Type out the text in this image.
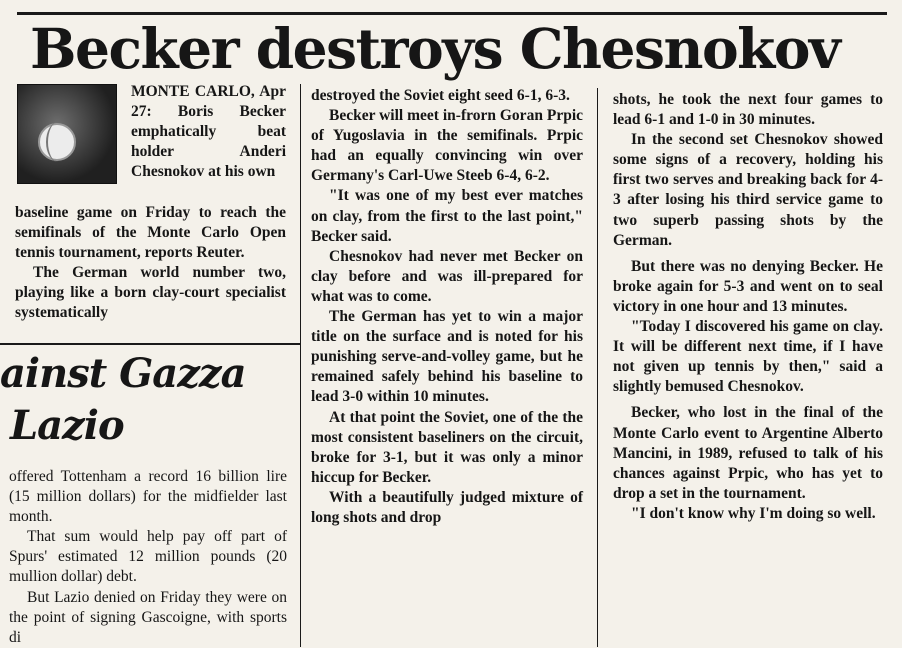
Becker destroys Chesnokov
MONTE CARLO, Apr 27: Boris Becker emphatically beat holder Anderi Chesnokov at his own

baseline game on Friday to reach the semifinals of the Monte Carlo Open tennis tournament, reports Reuter.

The German world number two, playing like a born clay-court specialist systematically

ainst Gazza
Lazio

offered Tottenham a record 16 billion lire (15 million dollars) for the midfielder last month.

That sum would help pay off part of Spurs' estimated 12 million pounds (20 mullion dollar) debt.

But Lazio denied on Friday they were on the point of signing Gascoigne, with sports di

destroyed the Soviet eight seed 6-1, 6-3.

Becker will meet in-frorn Goran Prpic of Yugoslavia in the semifinals. Prpic had an equally convincing win over Germany's Carl-Uwe Steeb 6-4, 6-2.

"It was one of my best ever matches on clay, from the first to the last point," Becker said.

Chesnokov had never met Becker on clay before and was ill-prepared for what was to come.

The German has yet to win a major title on the surface and is noted for his punishing serve-and-volley game, but he remained safely behind his baseline to lead 3-0 within 10 minutes.

At that point the Soviet, one of the the most consistent baseliners on the circuit, broke for 3-1, but it was only a minor hiccup for Becker.

With a beautifully judged mixture of long shots and drop

shots, he took the next four games to lead 6-1 and 1-0 in 30 minutes.

In the second set Chesnokov showed some signs of a recovery, holding his first two serves and breaking back for 4-3 after losing his third service game to two superb passing shots by the German.

But there was no denying Becker. He broke again for 5-3 and went on to seal victory in one hour and 13 minutes.

"Today I discovered his game on clay. It will be different next time, if I have not given up tennis by then," said a slightly bemused Chesnokov.

Becker, who lost in the final of the Monte Carlo event to Argentine Alberto Mancini, in 1989, refused to talk of his chances against Prpic, who has yet to drop a set in the tournament.

"I don't know why I'm doing so well.
